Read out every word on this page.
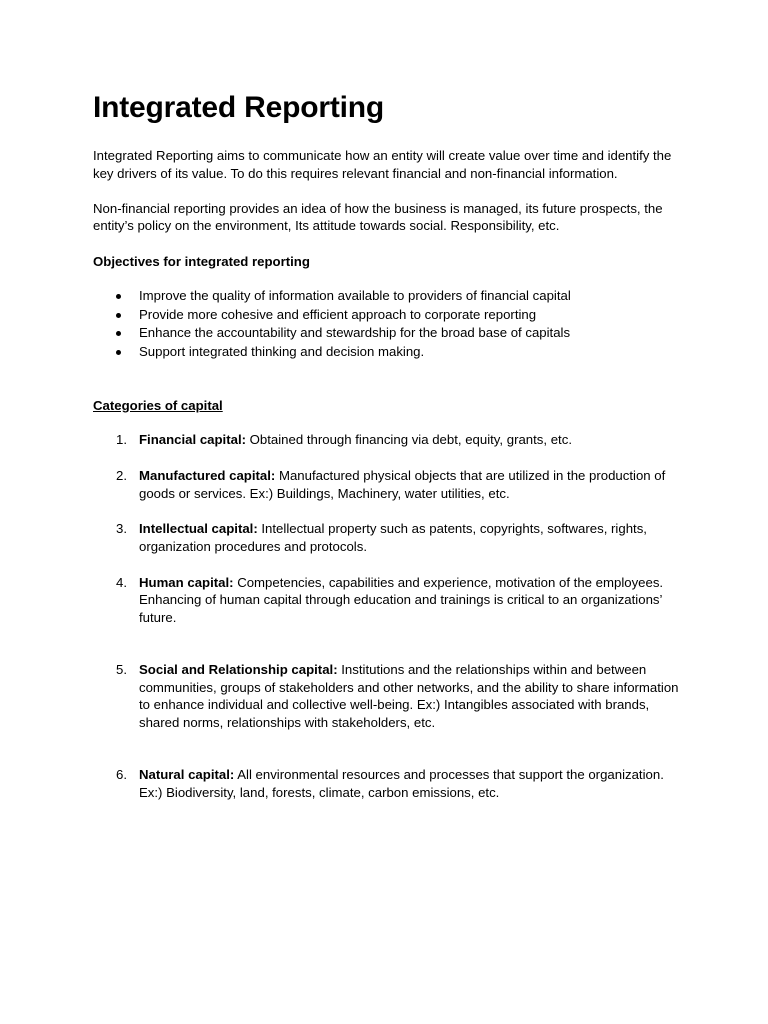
Integrated Reporting

Integrated Reporting aims to communicate how an entity will create value over time and identify the key drivers of its value. To do this requires relevant financial and non-financial information.

Non-financial reporting provides an idea of how the business is managed, its future prospects, the entity’s policy on the environment, Its attitude towards social. Responsibility, etc.

Objectives for integrated reporting

Improve the quality of information available to providers of financial capital
Provide more cohesive and efficient approach to corporate reporting
Enhance the accountability and stewardship for the broad base of capitals
Support integrated thinking and decision making.

Categories of capital

1. Financial capital: Obtained through financing via debt, equity, grants, etc.
2. Manufactured capital: Manufactured physical objects that are utilized in the production of goods or services. Ex:) Buildings, Machinery, water utilities, etc.
3. Intellectual capital: Intellectual property such as patents, copyrights, softwares, rights, organization procedures and protocols.
4. Human capital: Competencies, capabilities and experience, motivation of the employees. Enhancing of human capital through education and trainings is critical to an organizations’ future.
5. Social and Relationship capital: Institutions and the relationships within and between communities, groups of stakeholders and other networks, and the ability to share information to enhance individual and collective well-being. Ex:) Intangibles associated with brands, shared norms, relationships with stakeholders, etc.
6. Natural capital: All environmental resources and processes that support the organization. Ex:) Biodiversity, land, forests, climate, carbon emissions, etc.
